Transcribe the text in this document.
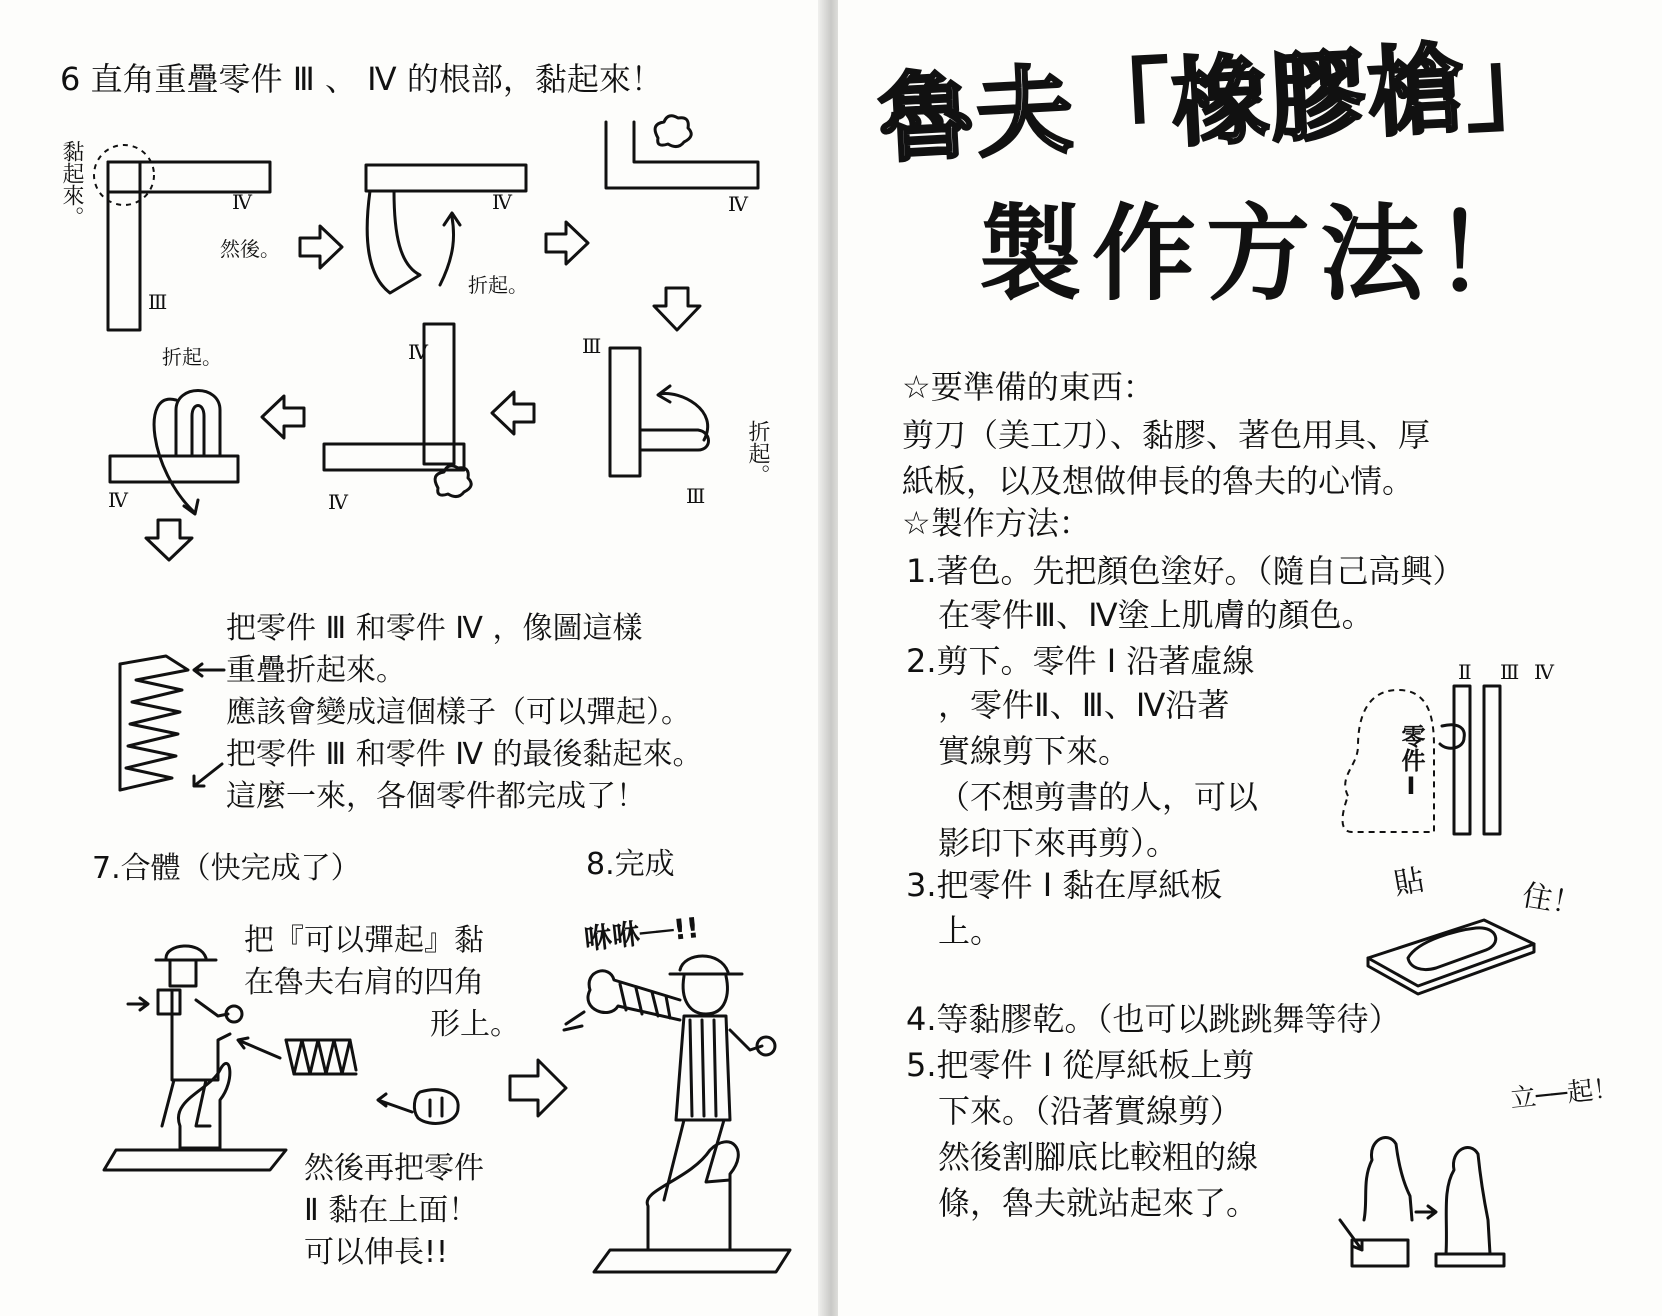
6 直角重疊零件 Ⅲ 、 Ⅳ 的根部，黏起來！
黏起來。	Ⅳ
Ⅲ
然後。
Ⅳ
折起。
Ⅳ
Ⅲ
Ⅲ
折起。
Ⅳ
Ⅳ
折起。
Ⅳ
把零件 Ⅲ 和零件 Ⅳ ，像圖這樣
重疊折起來。
應該會變成這個樣子（可以彈起）。
把零件 Ⅲ 和零件 Ⅳ 的最後黏起來。
這麼一來，各個零件都完成了！
7.合體（快完成了）	8.完成
把『可以彈起』黏
在魯夫右肩的四角
形上。
然後再把零件
Ⅱ 黏在上面！
可以伸長!!
咻咻──!!
魯夫「橡膠槍」
製作方法！
☆要準備的東西：
剪刀（美工刀）、黏膠、著色用具、厚
紙板，以及想做伸長的魯夫的心情。
☆製作方法：
1.著色。先把顏色塗好。（隨自己高興）
在零件Ⅲ、Ⅳ塗上肌膚的顏色。
2.剪下。零件 Ⅰ 沿著虛線
，零件Ⅱ、Ⅲ、Ⅳ沿著
實線剪下來。
（不想剪書的人，可以
影印下來再剪）。
Ⅱ Ⅲ Ⅳ
零件Ⅰ
3.把零件 Ⅰ 黏在厚紙板
上。
貼	住！
4.等黏膠乾。（也可以跳跳舞等待）
5.把零件 Ⅰ 從厚紙板上剪
下來。（沿著實線剪）
然後割腳底比較粗的線
條，魯夫就站起來了。
立──起！
